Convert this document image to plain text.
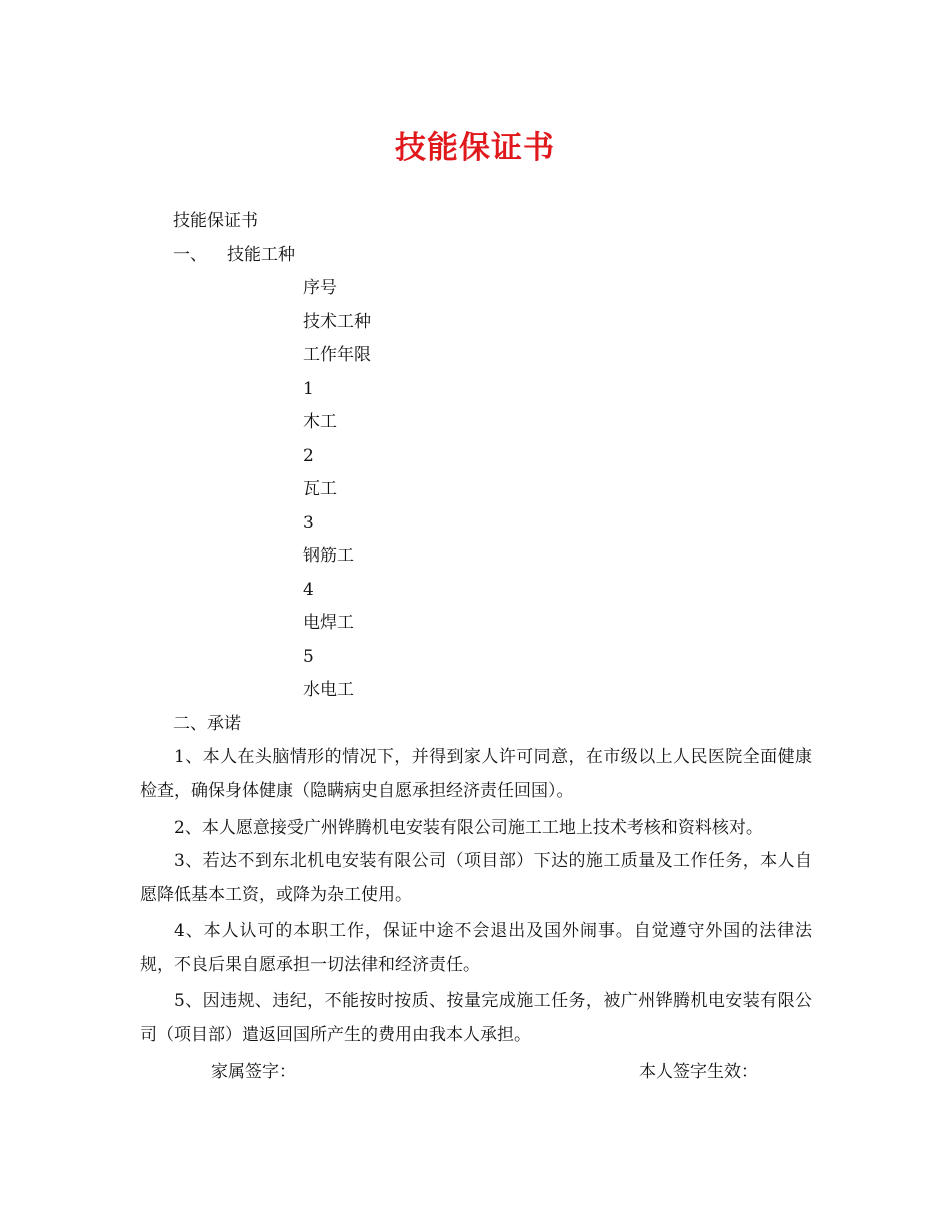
技能保证书
技能保证书
一、 技能工种
序号
技术工种
工作年限
1
木工
2
瓦工
3
钢筋工
4
电焊工
5
水电工
二、承诺
1、本人在头脑情形的情况下，并得到家人许可同意，在市级以上人民医院全面健康检查，确保身体健康（隐瞒病史自愿承担经济责任回国）。
2、本人愿意接受广州铧腾机电安装有限公司施工工地上技术考核和资料核对。
3、若达不到东北机电安装有限公司（项目部）下达的施工质量及工作任务，本人自愿降低基本工资，或降为杂工使用。
4、本人认可的本职工作，保证中途不会退出及国外闹事。自觉遵守外国的法律法规，不良后果自愿承担一切法律和经济责任。
5、因违规、违纪，不能按时按质、按量完成施工任务，被广州铧腾机电安装有限公司（项目部）遣返回国所产生的费用由我本人承担。
家属签字：	本人签字生效：
